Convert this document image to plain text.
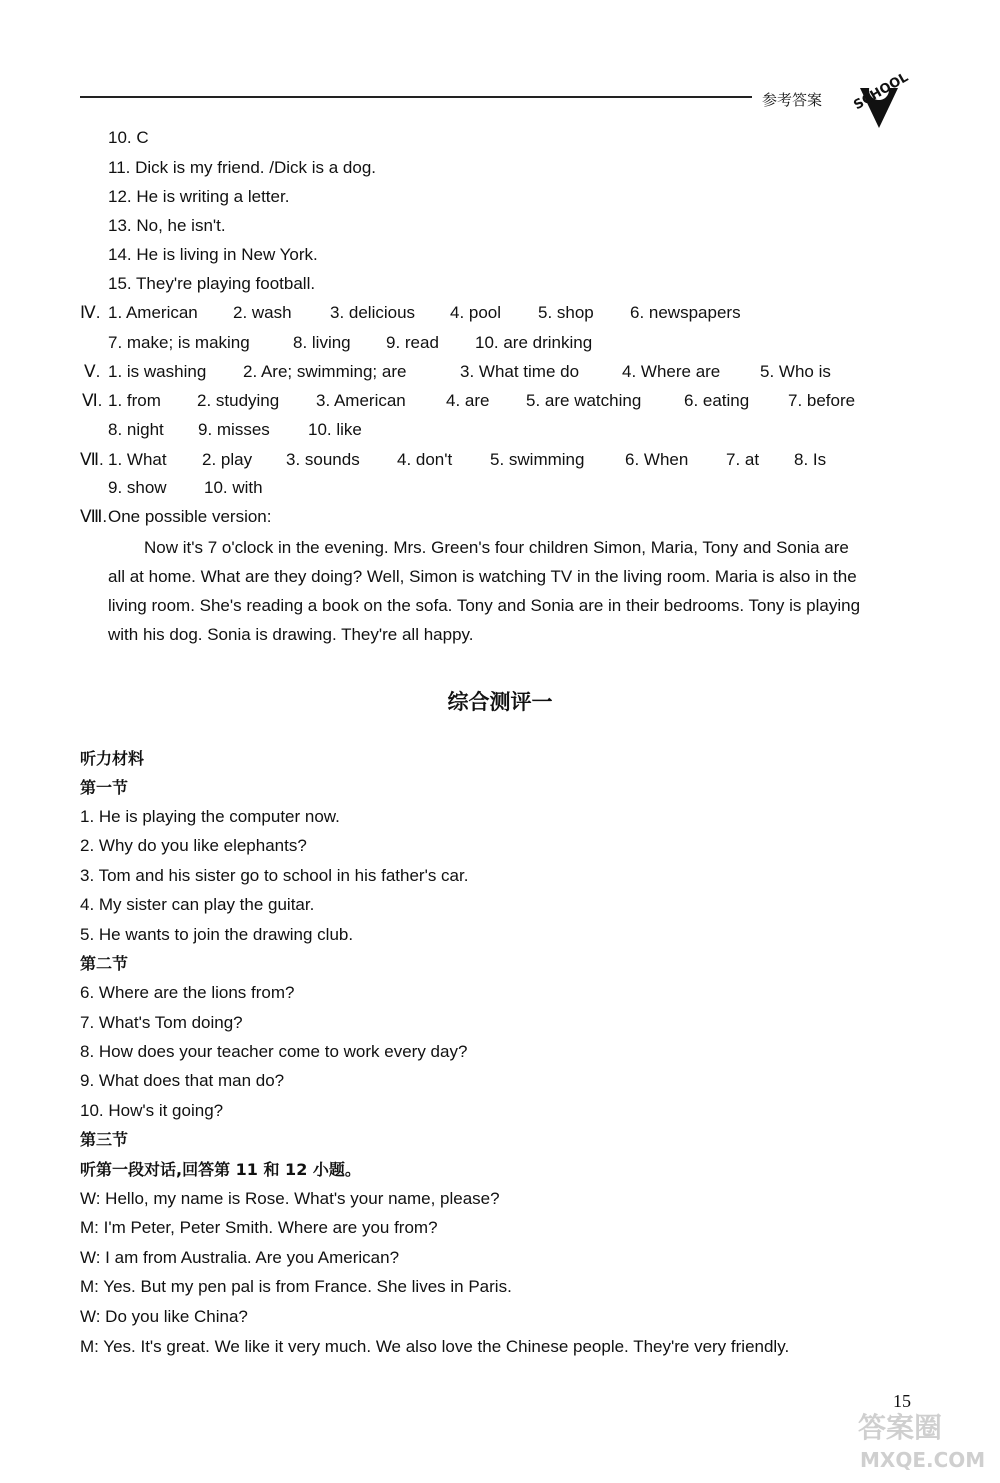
参考答案 SCHOOL
10. C
11. Dick is my friend. /Dick is a dog.
12. He is writing a letter.
13. No, he isn't.
14. He is living in New York.
15. They're playing football.
Ⅳ. 1. American 2. wash 3. delicious 4. pool 5. shop 6. newspapers
7. make; is making	8. living 9. read 10. are drinking
Ⅴ. 1. is washing 2. Are; swimming; are	3. What time do	4. Where are 5. Who is
Ⅵ. 1. from 2. studying 3. American 4. are 5. are watching	6. eating 7. before
8. night 9. misses 10. like
Ⅶ. 1. What 2. play 3. sounds 4. don't 5. swimming 6. When 7. at 8. Is
9. show 10. with
Ⅷ. One possible version:
Now it's 7 o'clock in the evening. Mrs. Green's four children Simon, Maria, Tony and Sonia are
all at home. What are they doing? Well, Simon is watching TV in the living room. Maria is also in the
living room. She's reading a book on the sofa. Tony and Sonia are in their bedrooms. Tony is playing
with his dog. Sonia is drawing. They're all happy.
综合测评一
听力材料
第一节
1. He is playing the computer now.
2. Why do you like elephants?
3. Tom and his sister go to school in his father's car.
4. My sister can play the guitar.
5. He wants to join the drawing club.
第二节
6. Where are the lions from?
7. What's Tom doing?
8. How does your teacher come to work every day?
9. What does that man do?
10. How's it going?
第三节
听第一段对话,回答第 11 和 12 小题。
W: Hello, my name is Rose. What's your name, please?
M: I'm Peter, Peter Smith. Where are you from?
W: I am from Australia. Are you American?
M: Yes. But my pen pal is from France. She lives in Paris.
W: Do you like China?
M: Yes. It's great. We like it very much. We also love the Chinese people. They're very friendly.
15
答案圈
MXQE.COM
